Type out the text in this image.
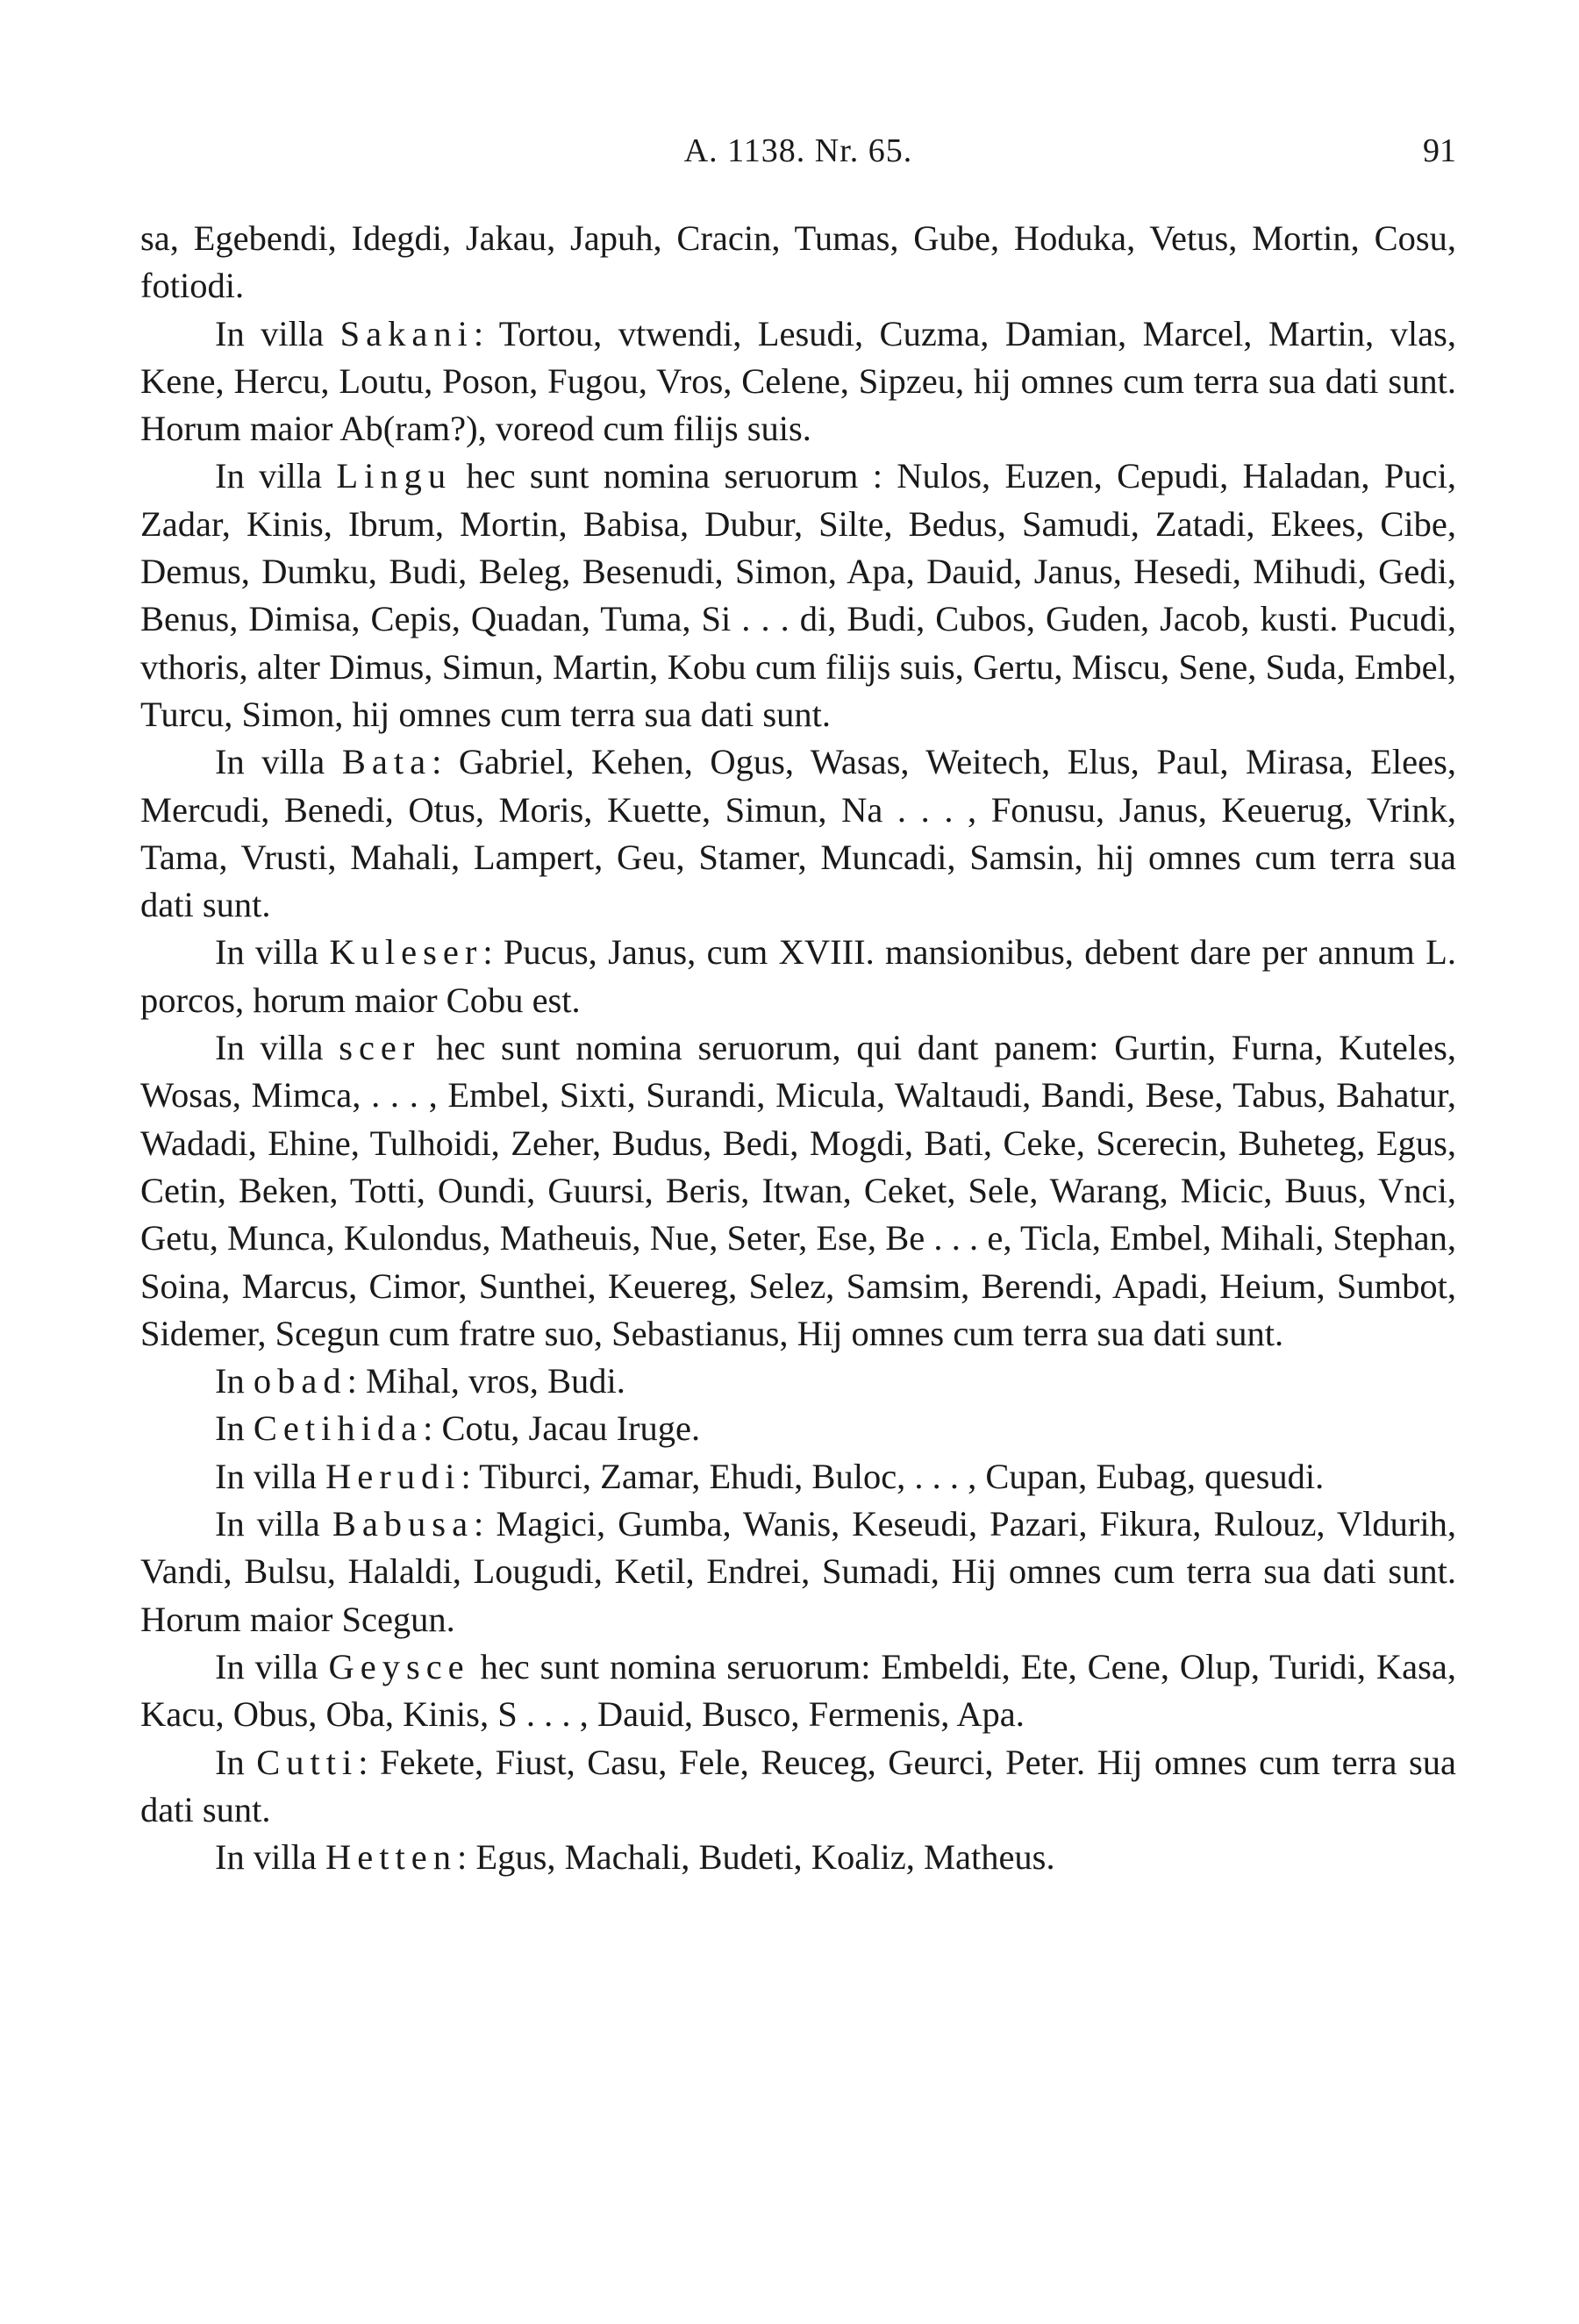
A. 1138. Nr. 65.	91

sa, Egebendi, Idegdi, Jakau, Japuh, Cracin, Tumas, Gube, Hoduka, Vetus, Mortin, Cosu, fotiodi.

In villa Sakani: Tortou, vtwendi, Lesudi, Cuzma, Damian, Marcel, Martin, vlas, Kene, Hercu, Loutu, Poson, Fugou, Vros, Celene, Sipzeu, hij omnes cum terra sua dati sunt. Horum maior Ab(ram?), voreod cum filijs suis.

In villa Lingu hec sunt nomina seruorum : Nulos, Euzen, Cepudi, Haladan, Puci, Zadar, Kinis, Ibrum, Mortin, Babisa, Dubur, Silte, Bedus, Samudi, Zatadi, Ekees, Cibe, Demus, Dumku, Budi, Beleg, Besenudi, Simon, Apa, Dauid, Janus, Hesedi, Mihudi, Gedi, Benus, Dimisa, Cepis, Quadan, Tuma, Si . . . di, Budi, Cubos, Guden, Jacob, kusti. Pucudi, vthoris, alter Dimus, Simun, Martin, Kobu cum filijs suis, Gertu, Miscu, Sene, Suda, Embel, Turcu, Simon, hij omnes cum terra sua dati sunt.

In villa Bata: Gabriel, Kehen, Ogus, Wasas, Weitech, Elus, Paul, Mirasa, Elees, Mercudi, Benedi, Otus, Moris, Kuette, Simun, Na . . . , Fonusu, Janus, Keuerug, Vrink, Tama, Vrusti, Mahali, Lampert, Geu, Stamer, Muncadi, Samsin, hij omnes cum terra sua dati sunt.

In villa Kuleser: Pucus, Janus, cum XVIII. mansionibus, debent dare per annum L. porcos, horum maior Cobu est.

In villa scer hec sunt nomina seruorum, qui dant panem: Gurtin, Furna, Kuteles, Wosas, Mimca, . . . , Embel, Sixti, Surandi, Micula, Waltaudi, Bandi, Bese, Tabus, Bahatur, Wadadi, Ehine, Tulhoidi, Zeher, Budus, Bedi, Mogdi, Bati, Ceke, Scerecin, Buheteg, Egus, Cetin, Beken, Totti, Oundi, Guursi, Beris, Itwan, Ceket, Sele, Warang, Micic, Buus, Vnci, Getu, Munca, Kulondus, Matheuis, Nue, Seter, Ese, Be . . . e, Ticla, Embel, Mihali, Stephan, Soina, Marcus, Cimor, Sunthei, Keuereg, Selez, Samsim, Berendi, Apadi, Heium, Sumbot, Sidemer, Scegun cum fratre suo, Sebastianus, Hij omnes cum terra sua dati sunt.

In obad: Mihal, vros, Budi.

In Cetihida: Cotu, Jacau Iruge.

In villa Herudi: Tiburci, Zamar, Ehudi, Buloc, . . . , Cupan, Eubag, quesudi.

In villa Babusa: Magici, Gumba, Wanis, Keseudi, Pazari, Fikura, Rulouz, Vldurih, Vandi, Bulsu, Halaldi, Lougudi, Ketil, Endrei, Sumadi, Hij omnes cum terra sua dati sunt. Horum maior Scegun.

In villa Geysce hec sunt nomina seruorum: Embeldi, Ete, Cene, Olup, Turidi, Kasa, Kacu, Obus, Oba, Kinis, S . . . , Dauid, Busco, Fermenis, Apa.

In Cutti: Fekete, Fiust, Casu, Fele, Reuceg, Geurci, Peter. Hij omnes cum terra sua dati sunt.

In villa Hetten: Egus, Machali, Budeti, Koaliz, Matheus.
